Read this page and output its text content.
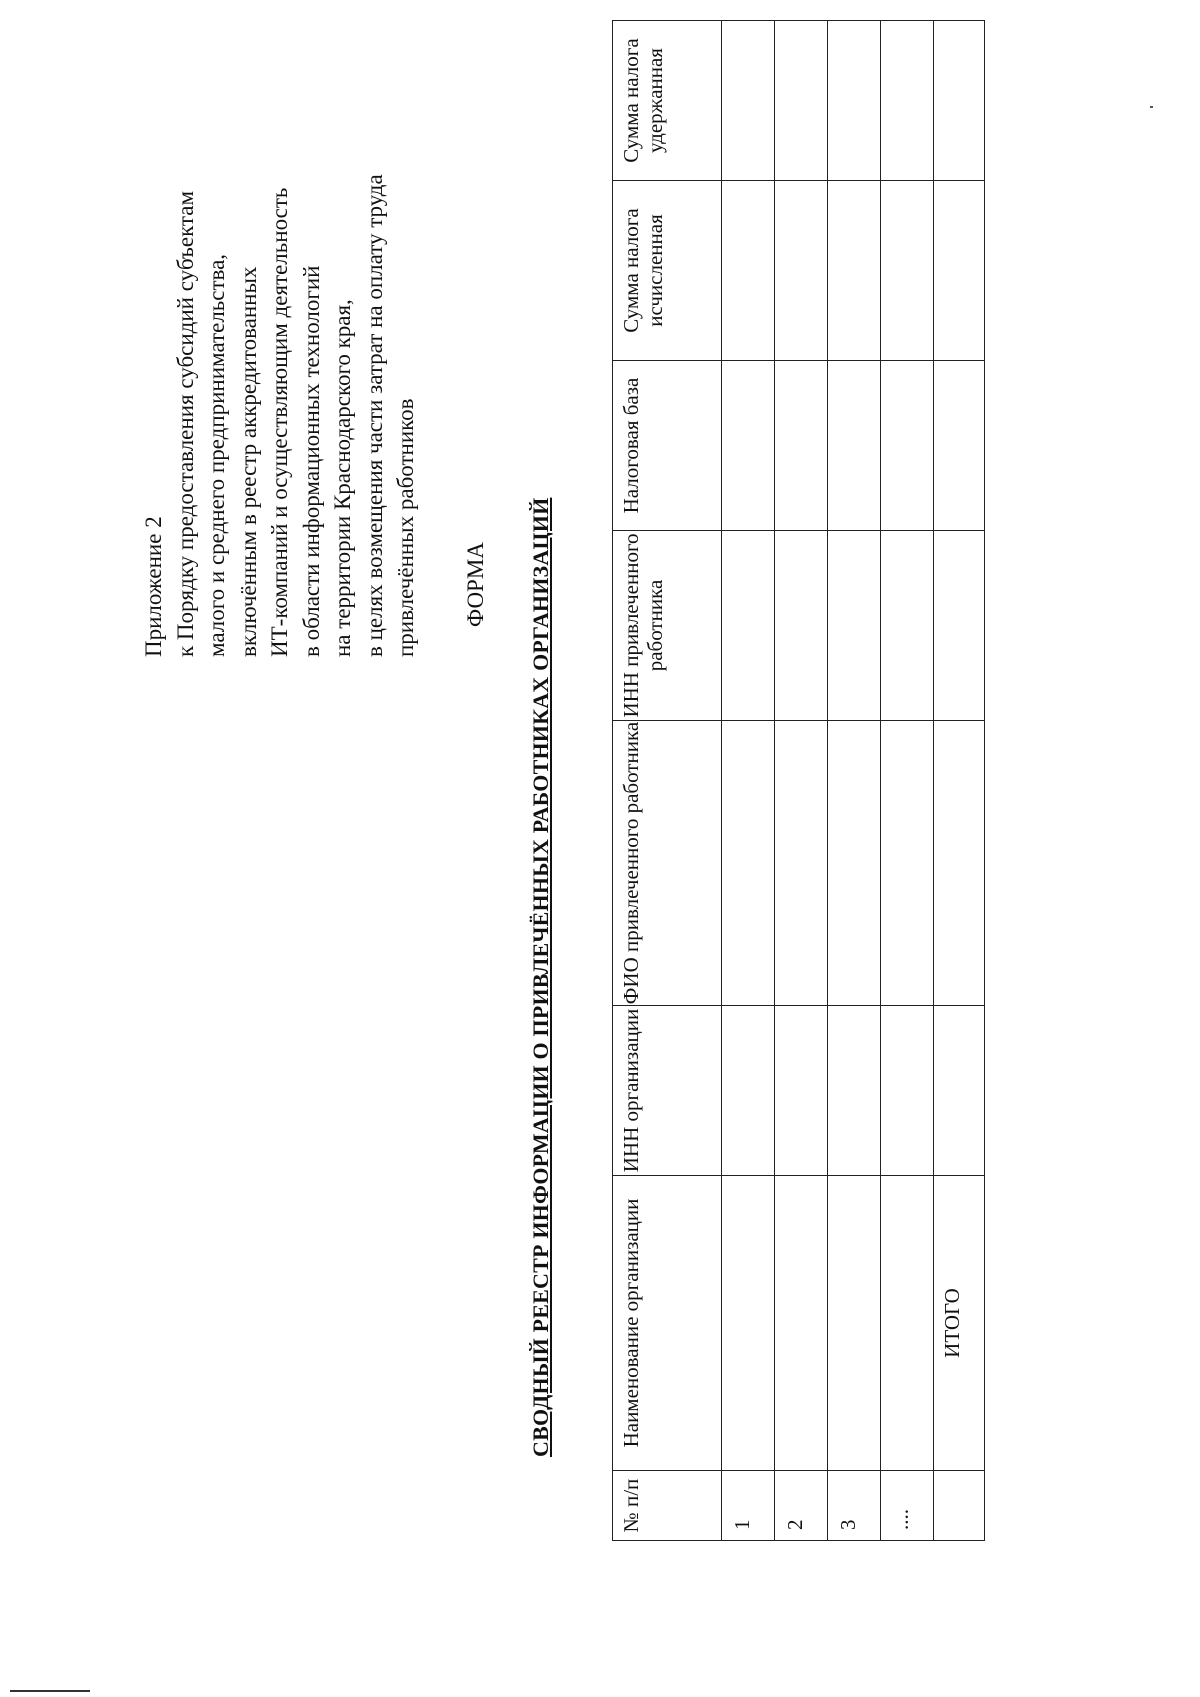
Приложение 2 к Порядку предоставления субсидий субъектам малого и среднего предпринимательства, включённым в реестр аккредитованных ИТ-компаний и осуществляющим деятельность в области информационных технологий на территории Краснодарского края, в целях возмещения части затрат на оплату труда привлечённых работников ФОРМА СВОДНЫЙ РЕЕСТР ИНФОРМАЦИИ О ПРИВЛЕЧЁННЫХ РАБОТНИКАХ ОРГАНИЗАЦИЙ
№ п/п	Наименование организации	ИНН организации	ФИО привлеченного работника	ИНН привлеченного работника	Налоговая база	Сумма налога исчисленная	Сумма налога удержанная
1							
2							
3							
....							
	ИТОГО						
